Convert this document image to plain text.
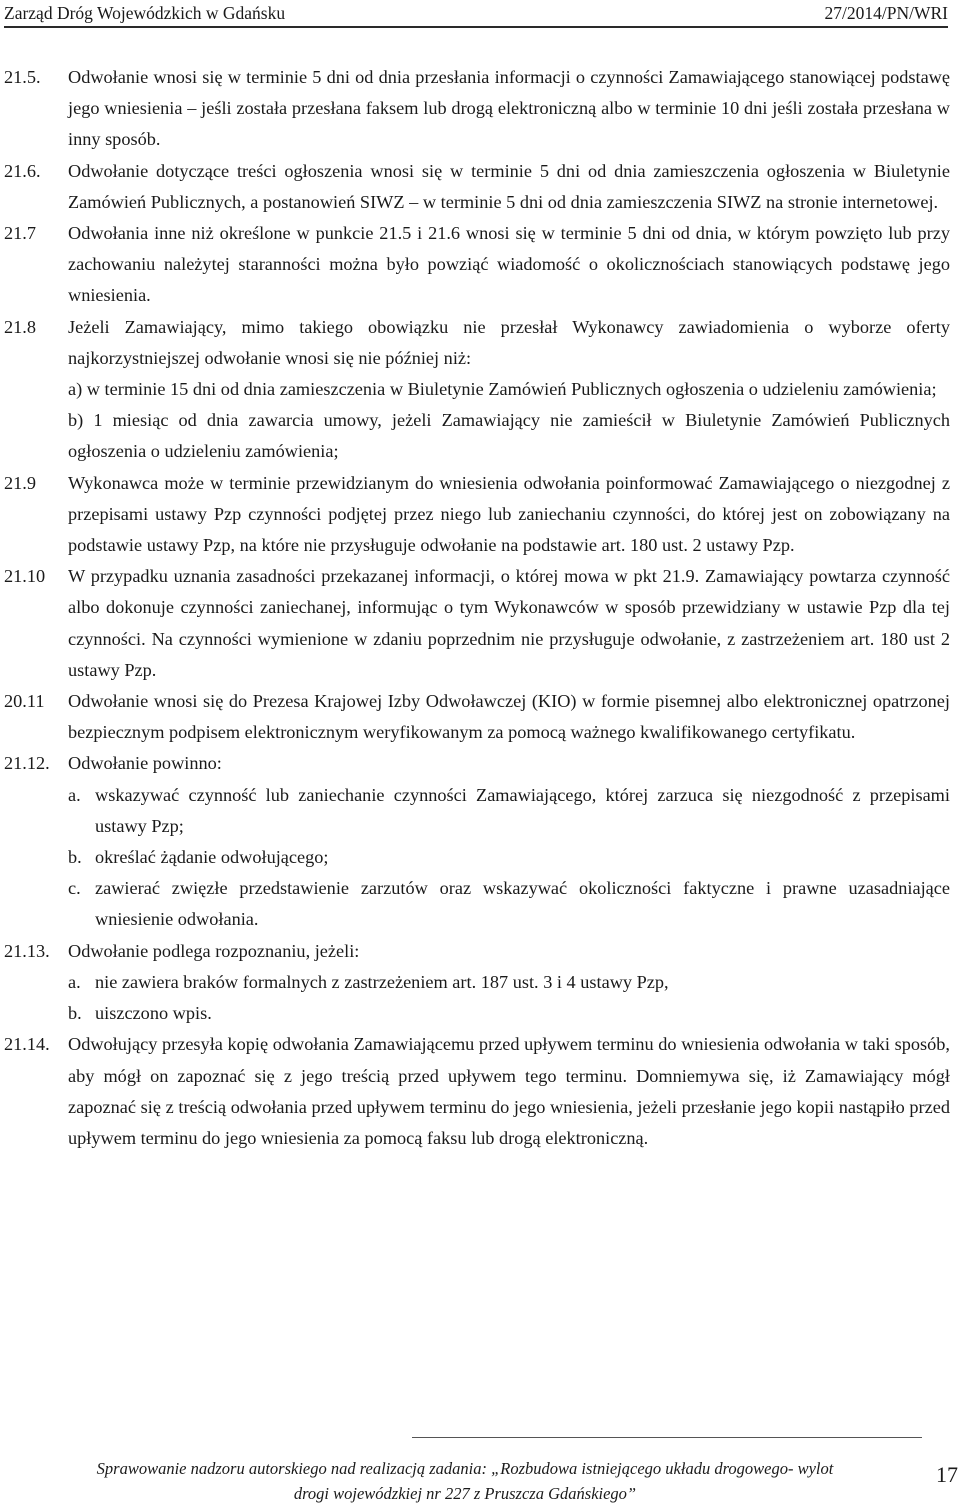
Zarząd Dróg Wojewódzkich w Gdańsku	27/2014/PN/WRI
21.5. Odwołanie wnosi się w terminie 5 dni od dnia przesłania informacji o czynności Zamawiającego stanowiącej podstawę jego wniesienia – jeśli została przesłana faksem lub drogą elektroniczną albo w terminie 10 dni jeśli została przesłana w inny sposób.
21.6. Odwołanie dotyczące treści ogłoszenia wnosi się w terminie 5 dni od dnia zamieszczenia ogłoszenia w Biuletynie Zamówień Publicznych, a postanowień SIWZ – w terminie 5 dni od dnia zamieszczenia SIWZ na stronie internetowej.
21.7 Odwołania inne niż określone w punkcie 21.5 i 21.6 wnosi się w terminie 5 dni od dnia, w którym powzięto lub przy zachowaniu należytej staranności można było powziąć wiadomość o okolicznościach stanowiących podstawę jego wniesienia.
21.8 Jeżeli Zamawiający, mimo takiego obowiązku nie przesłał Wykonawcy zawiadomienia o wyborze oferty najkorzystniejszej odwołanie wnosi się nie później niż:
a) w terminie 15 dni od dnia zamieszczenia w Biuletynie Zamówień Publicznych ogłoszenia o udzieleniu zamówienia;
b) 1 miesiąc od dnia zawarcia umowy, jeżeli Zamawiający nie zamieścił w Biuletynie Zamówień Publicznych ogłoszenia o udzieleniu zamówienia;
21.9 Wykonawca może w terminie przewidzianym do wniesienia odwołania poinformować Zamawiającego o niezgodnej z przepisami ustawy Pzp czynności podjętej przez niego lub zaniechaniu czynności, do której jest on zobowiązany na podstawie ustawy Pzp, na które nie przysługuje odwołanie na podstawie art. 180 ust. 2 ustawy Pzp.
21.10 W przypadku uznania zasadności przekazanej informacji, o której mowa w pkt 21.9. Zamawiający powtarza czynność albo dokonuje czynności zaniechanej, informując o tym Wykonawców w sposób przewidziany w ustawie Pzp dla tej czynności. Na czynności wymienione w zdaniu poprzednim nie przysługuje odwołanie, z zastrzeżeniem art. 180 ust 2 ustawy Pzp.
20.11 Odwołanie wnosi się do Prezesa Krajowej Izby Odwoławczej (KIO) w formie pisemnej albo elektronicznej opatrzonej bezpiecznym podpisem elektronicznym weryfikowanym za pomocą ważnego kwalifikowanego certyfikatu.
21.12. Odwołanie powinno:
a. wskazywać czynność lub zaniechanie czynności Zamawiającego, której zarzuca się niezgodność z przepisami ustawy Pzp;
b. określać żądanie odwołującego;
c. zawierać zwięzłe przedstawienie zarzutów oraz wskazywać okoliczności faktyczne i prawne uzasadniające wniesienie odwołania.
21.13. Odwołanie podlega rozpoznaniu, jeżeli:
a. nie zawiera braków formalnych z zastrzeżeniem art. 187 ust. 3 i 4 ustawy Pzp,
b. uiszczono wpis.
21.14. Odwołujący przesyła kopię odwołania Zamawiającemu przed upływem terminu do wniesienia odwołania w taki sposób, aby mógł on zapoznać się z jego treścią przed upływem tego terminu. Domniemywa się, iż Zamawiający mógł zapoznać się z treścią odwołania przed upływem terminu do jego wniesienia, jeżeli przesłanie jego kopii nastąpiło przed upływem terminu do jego wniesienia za pomocą faksu lub drogą elektroniczną.
Sprawowanie nadzoru autorskiego nad realizacją zadania: „Rozbudowa istniejącego układu drogowego- wylot
drogi wojewódzkiej nr 227 z Pruszcza Gdańskiego”
17
